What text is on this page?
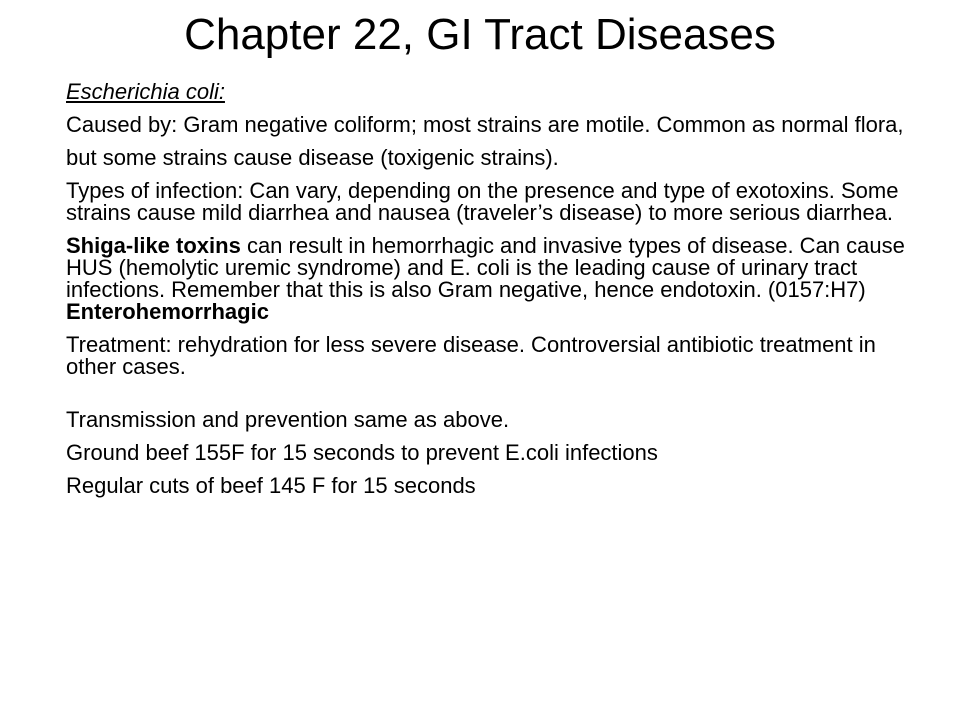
Chapter 22, GI Tract Diseases

Escherichia coli:

Caused by: Gram negative coliform; most strains are motile. Common as normal flora,

but some strains cause disease (toxigenic strains).

Types of infection: Can vary, depending on the presence and type of exotoxins. Some strains cause mild diarrhea and nausea (traveler’s disease) to more serious diarrhea.

Shiga-like toxins can result in hemorrhagic and invasive types of disease. Can cause HUS (hemolytic uremic syndrome) and E. coli is the leading cause of urinary tract infections. Remember that this is also Gram negative, hence endotoxin. (0157:H7) Enterohemorrhagic

Treatment: rehydration for less severe disease. Controversial antibiotic treatment in other cases.

Transmission and prevention same as above.

Ground beef 155F for 15 seconds to prevent E.coli infections

Regular cuts of beef 145 F for 15 seconds
